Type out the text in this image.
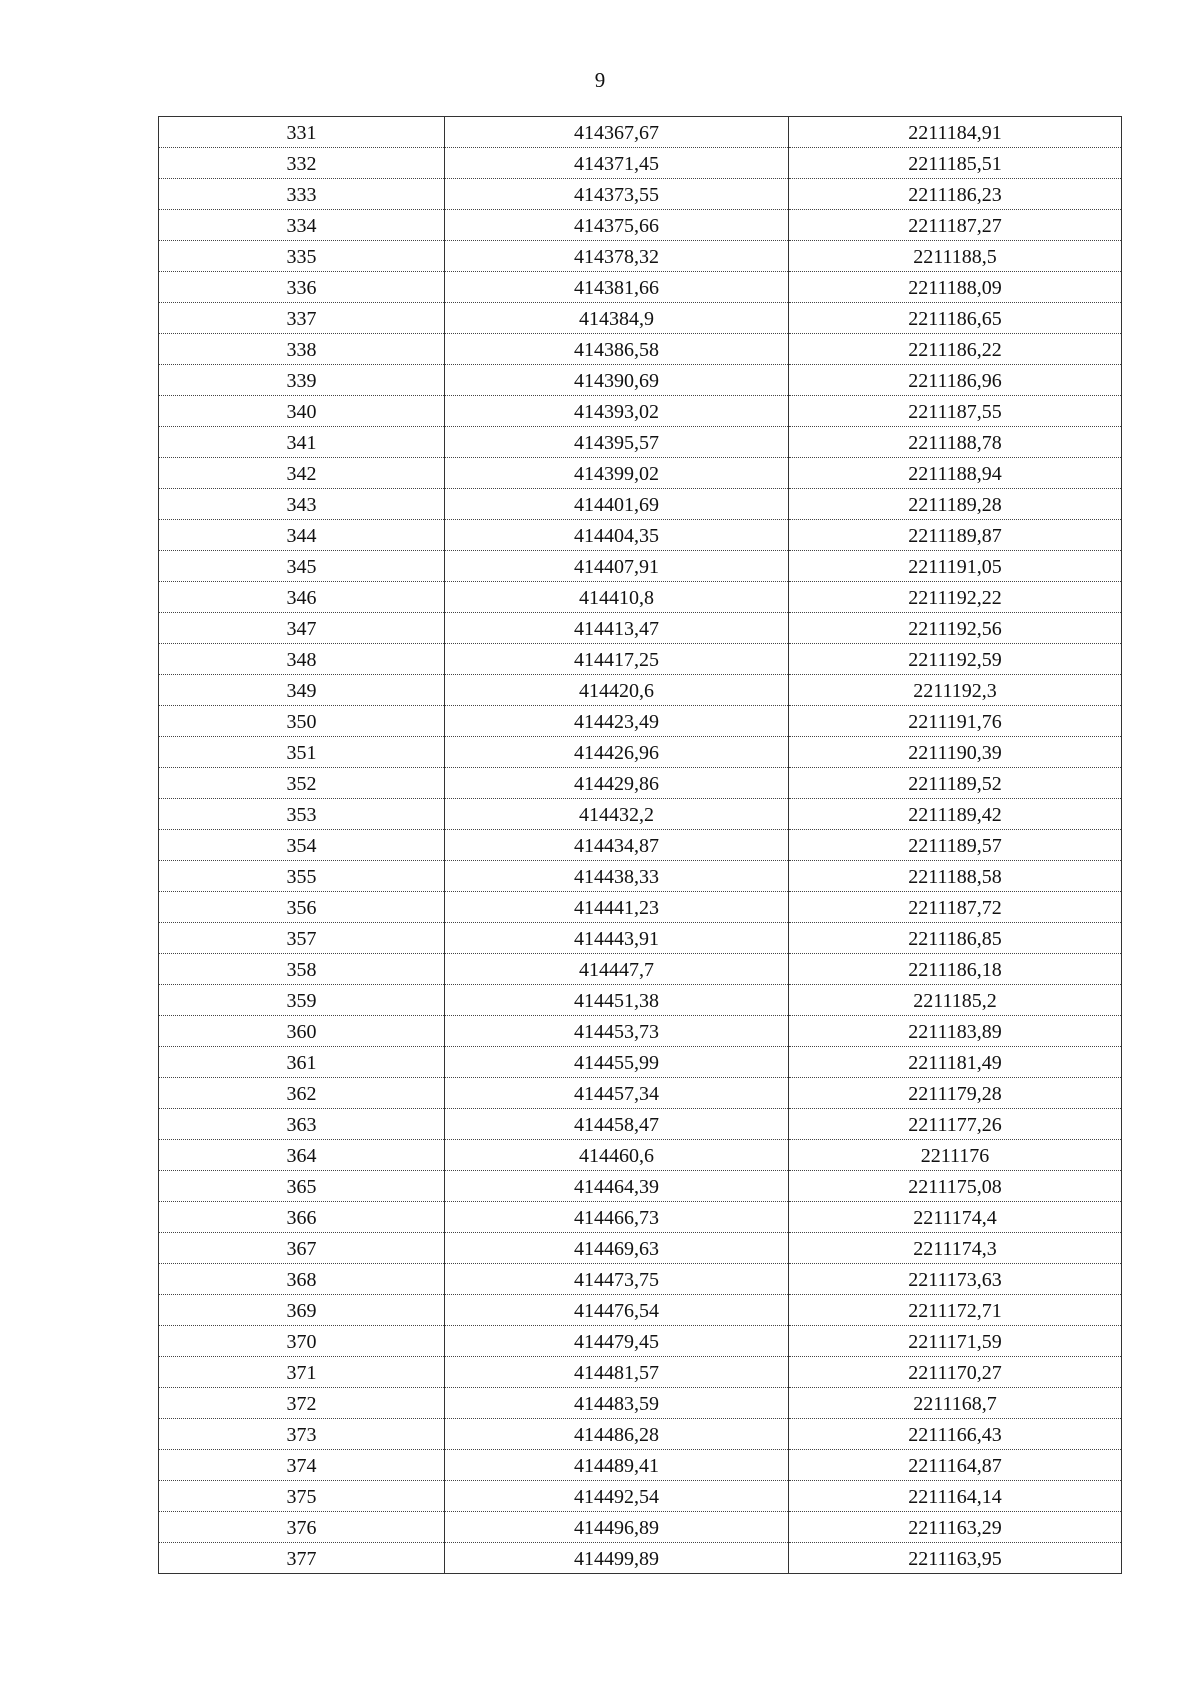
9
331	414367,67	2211184,91
332	414371,45	2211185,51
333	414373,55	2211186,23
334	414375,66	2211187,27
335	414378,32	2211188,5
336	414381,66	2211188,09
337	414384,9	2211186,65
338	414386,58	2211186,22
339	414390,69	2211186,96
340	414393,02	2211187,55
341	414395,57	2211188,78
342	414399,02	2211188,94
343	414401,69	2211189,28
344	414404,35	2211189,87
345	414407,91	2211191,05
346	414410,8	2211192,22
347	414413,47	2211192,56
348	414417,25	2211192,59
349	414420,6	2211192,3
350	414423,49	2211191,76
351	414426,96	2211190,39
352	414429,86	2211189,52
353	414432,2	2211189,42
354	414434,87	2211189,57
355	414438,33	2211188,58
356	414441,23	2211187,72
357	414443,91	2211186,85
358	414447,7	2211186,18
359	414451,38	2211185,2
360	414453,73	2211183,89
361	414455,99	2211181,49
362	414457,34	2211179,28
363	414458,47	2211177,26
364	414460,6	2211176
365	414464,39	2211175,08
366	414466,73	2211174,4
367	414469,63	2211174,3
368	414473,75	2211173,63
369	414476,54	2211172,71
370	414479,45	2211171,59
371	414481,57	2211170,27
372	414483,59	2211168,7
373	414486,28	2211166,43
374	414489,41	2211164,87
375	414492,54	2211164,14
376	414496,89	2211163,29
377	414499,89	2211163,95
